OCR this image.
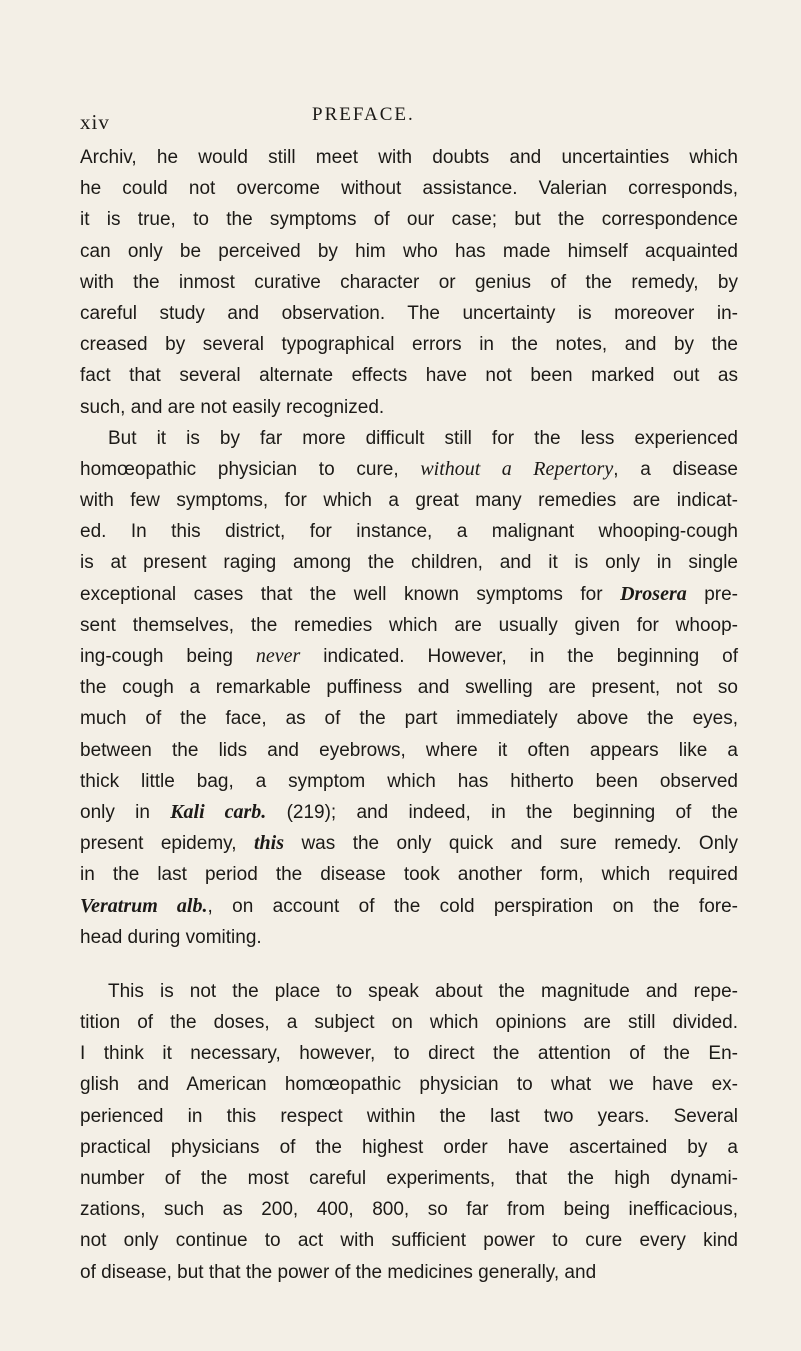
xiv	PREFACE.
Archiv, he would still meet with doubts and uncertainties which
he could not overcome without assistance. Valerian corresponds,
it is true, to the symptoms of our case; but the correspondence
can only be perceived by him who has made himself acquainted
with the inmost curative character or genius of the remedy, by
careful study and observation. The uncertainty is moreover in-
creased by several typographical errors in the notes, and by the
fact that several alternate effects have not been marked out as
such, and are not easily recognized.
But it is by far more difficult still for the less experienced
homœopathic physician to cure, without a Repertory, a disease
with few symptoms, for which a great many remedies are indicat-
ed. In this district, for instance, a malignant whooping-cough
is at present raging among the children, and it is only in single
exceptional cases that the well known symptoms for Drosera pre-
sent themselves, the remedies which are usually given for whoop-
ing-cough being never indicated. However, in the beginning of
the cough a remarkable puffiness and swelling are present, not so
much of the face, as of the part immediately above the eyes,
between the lids and eyebrows, where it often appears like a
thick little bag, a symptom which has hitherto been observed
only in Kali carb. (219); and indeed, in the beginning of the
present epidemy, this was the only quick and sure remedy. Only
in the last period the disease took another form, which required
Veratrum alb., on account of the cold perspiration on the fore-
head during vomiting.
This is not the place to speak about the magnitude and repe-
tition of the doses, a subject on which opinions are still divided.
I think it necessary, however, to direct the attention of the En-
glish and American homœopathic physician to what we have ex-
perienced in this respect within the last two years. Several
practical physicians of the highest order have ascertained by a
number of the most careful experiments, that the high dynami-
zations, such as 200, 400, 800, so far from being inefficacious,
not only continue to act with sufficient power to cure every kind
of disease, but that the power of the medicines generally, and
